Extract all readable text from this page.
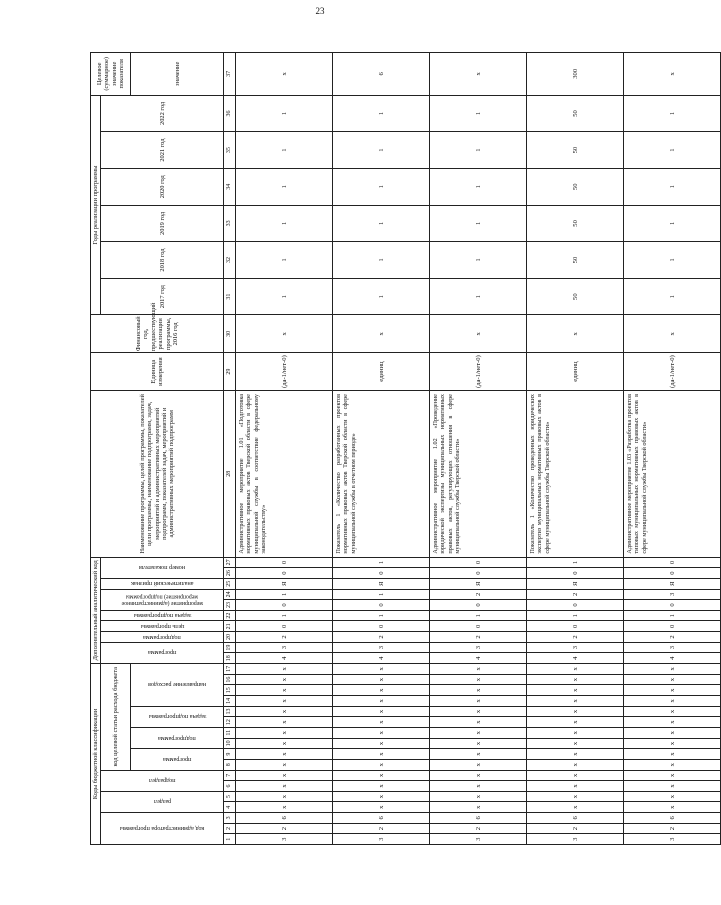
23
Коды бюджетной классификации																	Дополнительный аналитический код										Наименование программы, целей программы, показателей цели программы, наименование подпрограмм, задач, мероприятий и административных мероприятий подпрограмм, показателей задач, мероприятий и административных мероприятий подпрограмм	Единица измерения	Финансовый год, предшествующий реализации программы, 2016 год	Годы реализации программы						Целевое (суммарное) значение показателя

код администратора программы			раздел		подраздел		код целевой статьи расхода бюджета										программа		подпрограмма	цель программы	задача подпрограммы	мероприятие (административное мероприятие) подпрограммы		аналитический признак	номер показателя					2017 год	2018 год	2019 год	2020 год	2021 год	2022 год	

							программа		подпрограмма		задача подпрограммы		направление расходов																							значение
1	2	3	4	5	6	7	8	9	10	11	12	13	14	15	16	17	18	19	20	21	22	23	24	25	26	27	28	29	30	31	32	33	34	35	36	37
3	2	6	x	x	x	x	x	x	x	x	x	x	x	x	x	x	4	3	2	0	1	0	1	Я	0	0	Административное мероприятие 1.01 «Подготовка нормативных правовых актов Тверской области в сфере муниципальной службы в соответствие федеральному законодательству»	(да-1/нет-0)	x	1	1	1	1	1	1	x
3	2	6	x	x	x	x	x	x	x	x	x	x	x	x	x	x	4	3	2	0	1	0	1	Я	0	1	Показатель 1 «Количество разработанных проектов нормативных правовых актов Тверской области в сфере муниципальной службы в отчетном периоде»	единиц	x	1	1	1	1	1	1	6
3	2	6	x	x	x	x	x	x	x	x	x	x	x	x	x	x	4	3	2	0	1	0	2	Я	0	0	Административное мероприятие 1.02 «Проведение юридической экспертизы муниципальных нормативных правовых актов, регулирующих отношения в сфере муниципальной службы Тверской области»	(да-1/нет-0)	x	1	1	1	1	1	1	x
3	2	6	x	x	x	x	x	x	x	x	x	x	x	x	x	x	4	3	2	0	1	0	2	Я	0	1	Показатель 1 «Количество проведенных юридических экспертиз муниципальных нормативных правовых актов в сфере муниципальной службы Тверской области»	единиц	x	50	50	50	50	50	50	300
3	2	6	x	x	x	x	x	x	x	x	x	x	x	x	x	x	4	3	2	0	1	0	3	Я	0	0	Административное мероприятие 1.03 «Разработка проектов типовых муниципальных нормативных правовых актов в сфере муниципальной службы Тверской области»	(да-1/нет-0)	x	1	1	1	1	1	1	x
